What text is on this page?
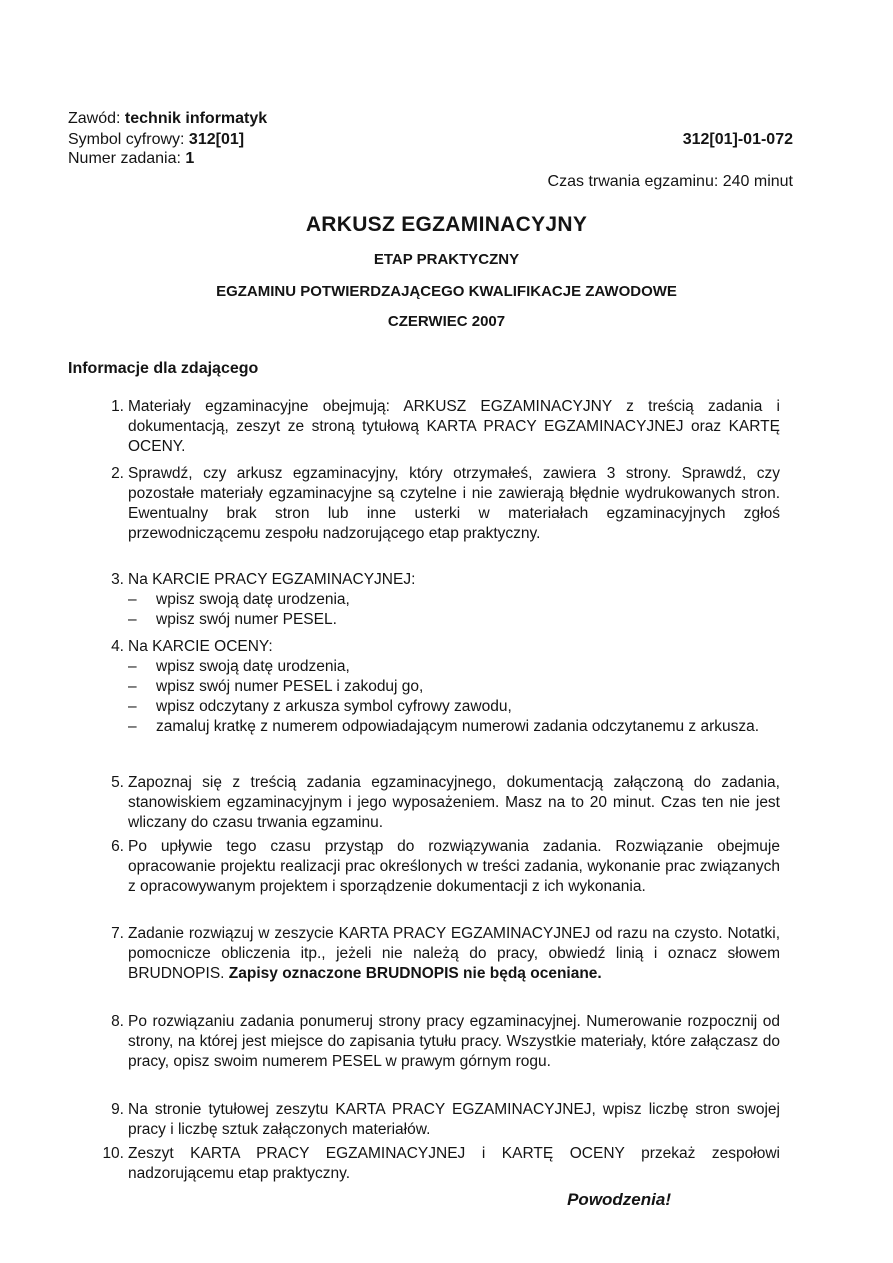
Zawód: technik informatyk
Symbol cyfrowy: 312[01]
Numer zadania: 1
312[01]-01-072
Czas trwania egzaminu: 240 minut
ARKUSZ EGZAMINACYJNY
ETAP PRAKTYCZNY
EGZAMINU POTWIERDZAJĄCEGO KWALIFIKACJE ZAWODOWE
CZERWIEC 2007
Informacje dla zdającego
1. Materiały egzaminacyjne obejmują: ARKUSZ EGZAMINACYJNY z treścią zadania i dokumentacją, zeszyt ze stroną tytułową KARTA PRACY EGZAMINACYJNEJ oraz KARTĘ OCENY.
2. Sprawdź, czy arkusz egzaminacyjny, który otrzymałeś, zawiera 3 strony. Sprawdź, czy pozostałe materiały egzaminacyjne są czytelne i nie zawierają błędnie wydrukowanych stron. Ewentualny brak stron lub inne usterki w materiałach egzaminacyjnych zgłoś przewodniczącemu zespołu nadzorującego etap praktyczny.
3. Na KARCIE PRACY EGZAMINACYJNEJ:
– wpisz swoją datę urodzenia,
– wpisz swój numer PESEL.
4. Na KARCIE OCENY:
– wpisz swoją datę urodzenia,
– wpisz swój numer PESEL i zakoduj go,
– wpisz odczytany z arkusza symbol cyfrowy zawodu,
– zamaluj kratkę z numerem odpowiadającym numerowi zadania odczytanemu z arkusza.
5. Zapoznaj się z treścią zadania egzaminacyjnego, dokumentacją załączoną do zadania, stanowiskiem egzaminacyjnym i jego wyposażeniem. Masz na to 20 minut. Czas ten nie jest wliczany do czasu trwania egzaminu.
6. Po upływie tego czasu przystąp do rozwiązywania zadania. Rozwiązanie obejmuje opracowanie projektu realizacji prac określonych w treści zadania, wykonanie prac związanych z opracowywanym projektem i sporządzenie dokumentacji z ich wykonania.
7. Zadanie rozwiązuj w zeszycie KARTA PRACY EGZAMINACYJNEJ od razu na czysto. Notatki, pomocnicze obliczenia itp., jeżeli nie należą do pracy, obwiedź linią i oznacz słowem BRUDNOPIS. Zapisy oznaczone BRUDNOPIS nie będą oceniane.
8. Po rozwiązaniu zadania ponumeruj strony pracy egzaminacyjnej. Numerowanie rozpocznij od strony, na której jest miejsce do zapisania tytułu pracy. Wszystkie materiały, które załączasz do pracy, opisz swoim numerem PESEL w prawym górnym rogu.
9. Na stronie tytułowej zeszytu KARTA PRACY EGZAMINACYJNEJ, wpisz liczbę stron swojej pracy i liczbę sztuk załączonych materiałów.
10. Zeszyt KARTA PRACY EGZAMINACYJNEJ i KARTĘ OCENY przekaż zespołowi nadzorującemu etap praktyczny.
Powodzenia!
